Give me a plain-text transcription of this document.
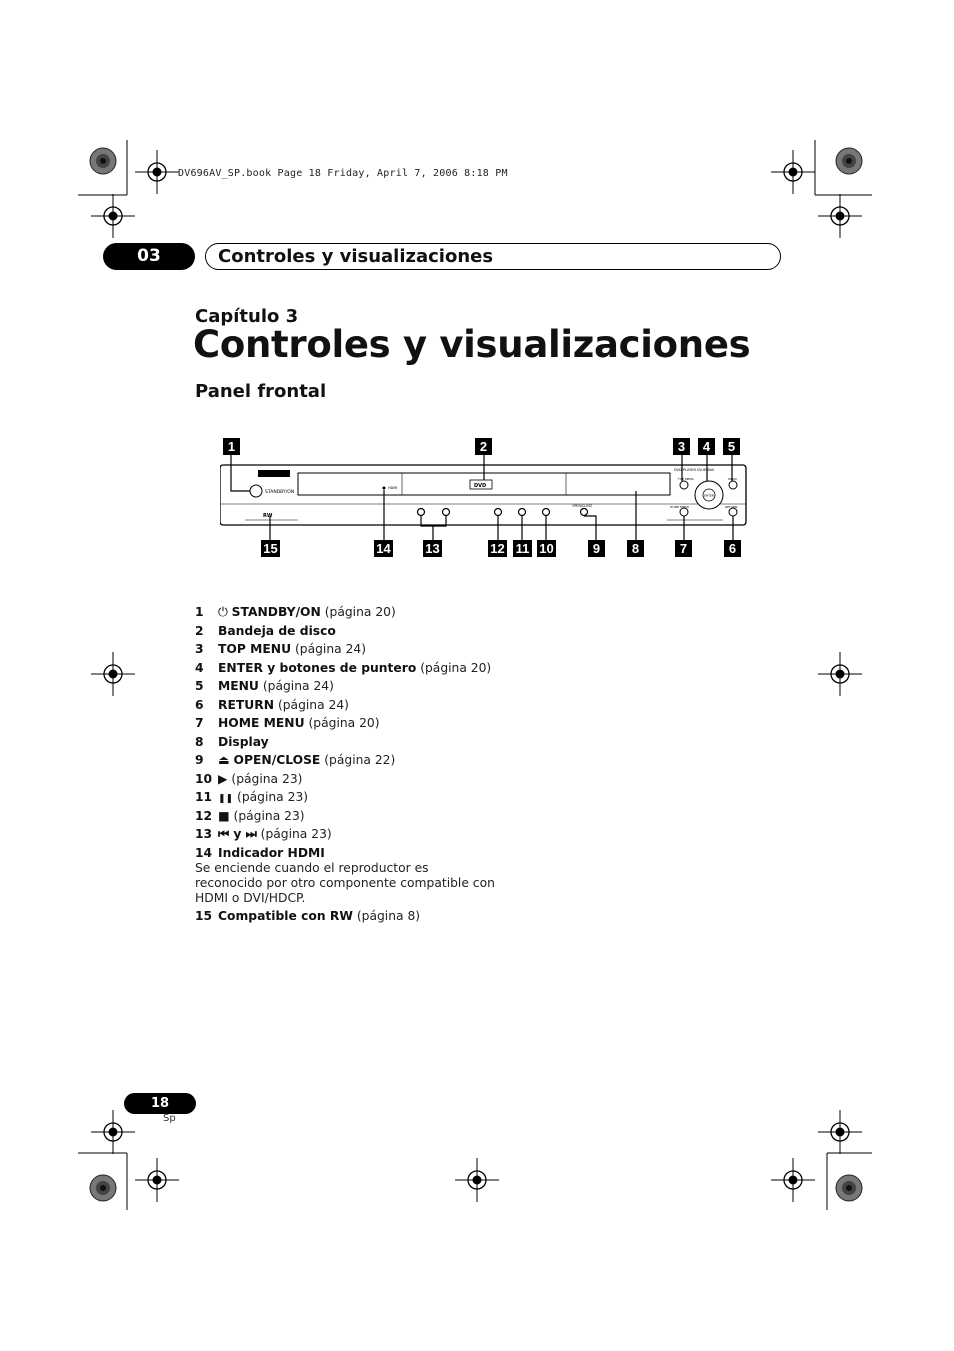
DV696AV_SP.book Page 18 Friday, April 7, 2006 8:18 PM
03	Controles y visualizaciones
Capítulo 3
Controles y visualizaciones
Panel frontal
STANDBY/ON
DVD
HDMI
DVD PLAYER DV-696AV
ENTER
RW
OPEN/CLOSE	HOME MENU	RETURN
TOP MENU	MENU
1	2	3 4 5
15	14	13	12 11 10	9 8	7	6
1 ⏻ STANDBY/ON (página 20)
2 Bandeja de disco
3 TOP MENU (página 24)
4 ENTER y botones de puntero (página 20)
5 MENU (página 24)
6 RETURN (página 24)
7 HOME MENU (página 20)
8 Display
9 ⏏ OPEN/CLOSE (página 22)
10 ▶ (página 23)
11 ❚❚ (página 23)
12 ■ (página 23)
13 ⏮ y ⏭ (página 23)
14 Indicador HDMI
Se enciende cuando el reproductor es reconocido por otro componente compatible con HDMI o DVI/HDCP.
15 Compatible con RW (página 8)
18
Sp
